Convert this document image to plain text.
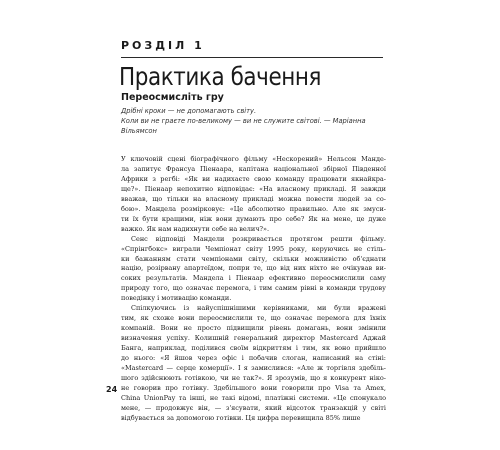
РОЗДІЛ 1
Практика бачення
Переосмисліть гру
Дрібні кроки — не допомагають світу.
Коли ви не граєте по-великому — ви не служите світові. — Маріанна
Вільямсон
У ключовій сцені біографічного фільму «Нескорений» Нельсон Манде-
ла запитує Франсуа Піенаара, капітана національної збірної Південної
Африки з регбі: «Як ви надихаєте свою команду працювати якнайкра-
ще?». Піенаар непохитно відповідає: «На власному прикладі. Я завжди
вважав, що тільки на власному прикладі можна повести людей за со-
бою». Мандела розмірковує: «Це абсолютно правильно. Але як змуси-
ти їх бути кращими, ніж вони думають про себе? Як на мене, це дуже
важко. Як нам надихнути себе на велич?».
Сенс відповіді Мандели розкривається протягом решти фільму.
«Спрінгбокс» виграли Чемпіонат світу 1995 року, керуючись не стіль-
ки бажанням стати чемпіонами світу, скільки можливістю об'єднати
націю, розірвану апартеїдом, попри те, що від них ніхто не очікував ви-
соких результатів. Мандела і Піенаар ефективно переосмислили саму
природу того, що означає перемога, і тим самим рівні в команди трудову
поведінку і мотивацію команди.
Спілкуючись із найуспішнішими керівниками, ми були вражені
тим, як схоже вони переосмислили те, що означає перемога для їхніх
компаній. Вони не просто підвищили рівень домагань, вони змінили
визначення успіху. Колишній генеральний директор Mastercard Аджай
Банга, наприклад, поділився своїм відкриттям і тим, як воно прийшло
до нього: «Я йшов через офіс і побачив слоган, написаний на стіні:
«Mastercard — серце комерції». І я замислився: «Але ж торгівля здебіль-
шого здійснюють готівкою, чи не так?». Я зрозумів, що я конкурент ніко-
не говорив про готівку. Здебільшого вони говорили про Visa та Amex,
China UnionPay та інші, не такі відомі, платіжні системи. «Це спонукало
мене, — продовжує він, — з'ясувати, який відсоток транзакцій у світі
відбувається за допомогою готівки. Ця цифра перевищила 85% лише
24
